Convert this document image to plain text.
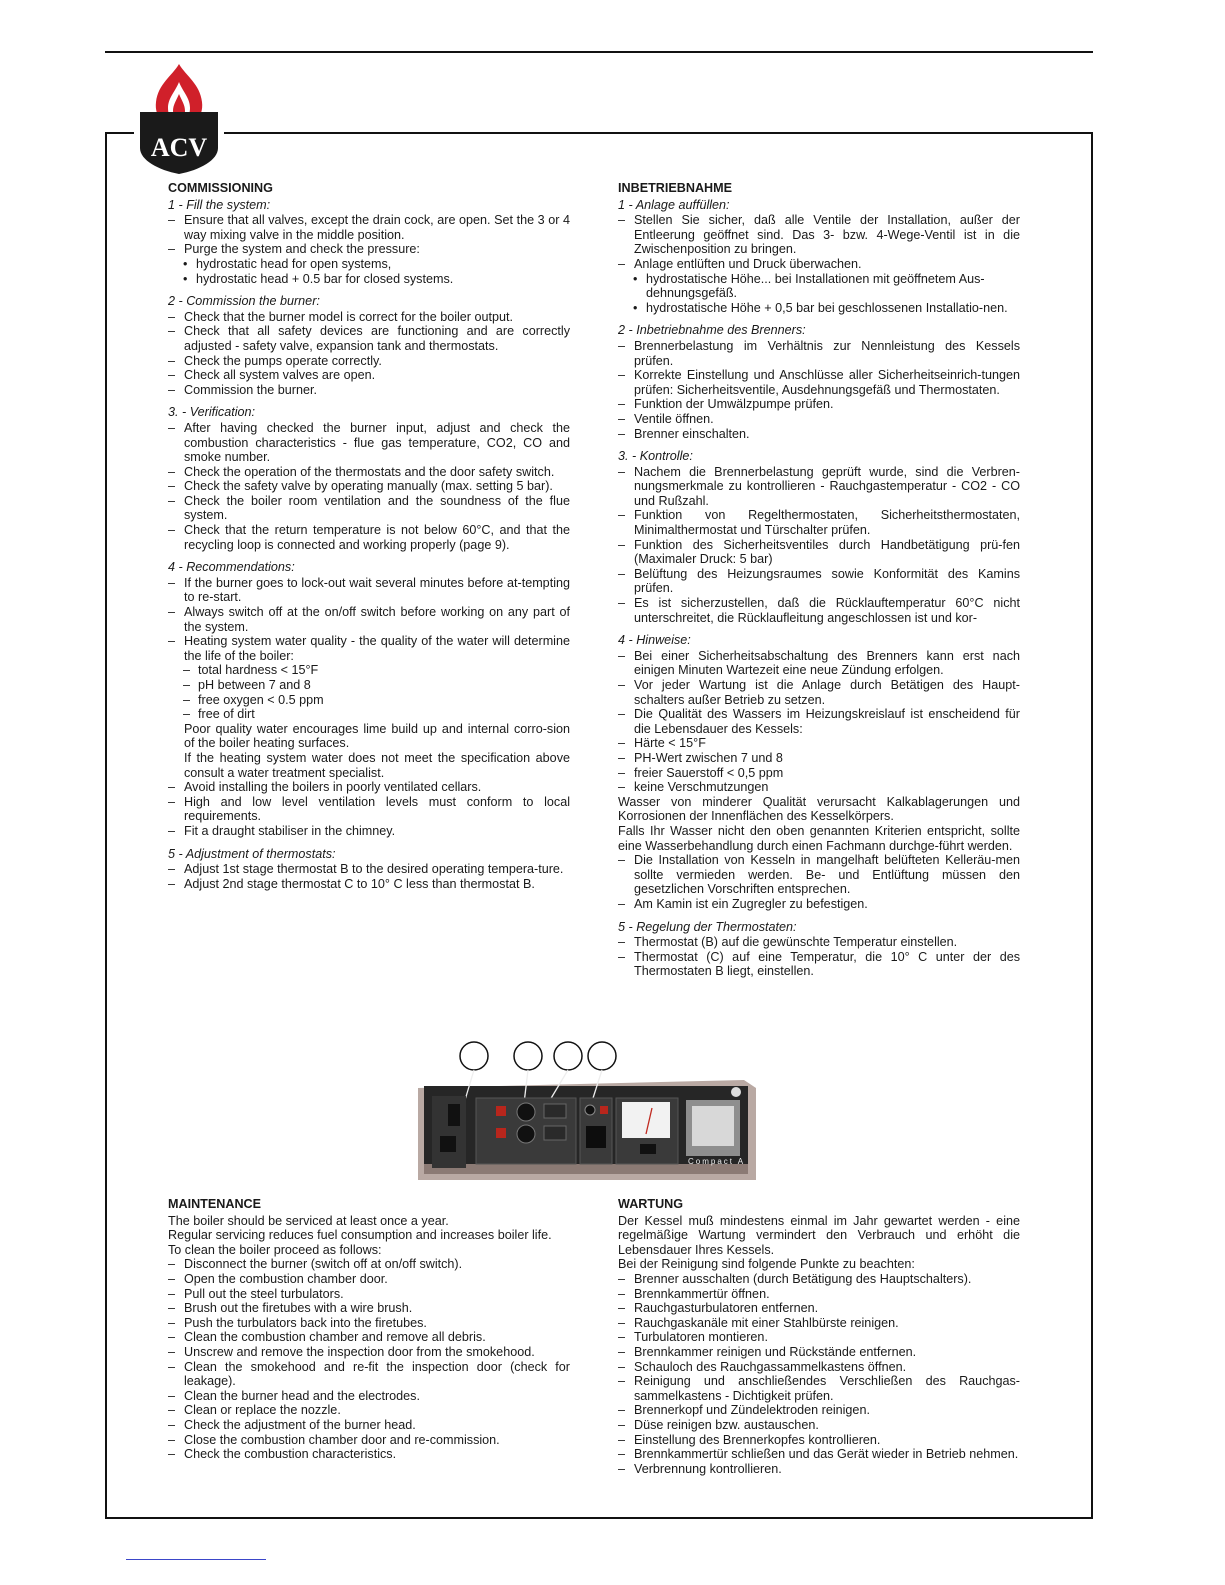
ACV
COMMISSIONING
1 - Fill the system:
– Ensure that all valves, except the drain cock, are open. Set the 3 or 4 way mixing valve in the middle position.
– Purge the system and check the pressure:
• hydrostatic head for open systems,
• hydrostatic head + 0.5 bar for closed systems.
2 - Commission the burner:
– Check that the burner model is correct for the boiler output.
– Check that all safety devices are functioning and are correctly adjusted - safety valve, expansion tank and thermostats.
– Check the pumps operate correctly.
– Check all system valves are open.
– Commission the burner.
3. - Verification:
– After having checked the burner input, adjust and check the combustion characteristics - flue gas temperature, CO2, CO and smoke number.
– Check the operation of the thermostats and the door safety switch.
– Check the safety valve by operating manually (max. setting 5 bar).
– Check the boiler room ventilation and the soundness of the flue system.
– Check that the return temperature is not below 60°C, and that the recycling loop is connected and working properly (page 9).
4 - Recommendations:
– If the burner goes to lock-out wait several minutes before at-tempting to re-start.
– Always switch off at the on/off switch before working on any part of the system.
– Heating system water quality - the quality of the water will determine the life of the boiler:
– total hardness < 15°F
– pH between 7 and 8
– free oxygen < 0.5 ppm
– free of dirt
Poor quality water encourages lime build up and internal corro-sion of the boiler heating surfaces.
If the heating system water does not meet the specification above consult a water treatment specialist.
– Avoid installing the boilers in poorly ventilated cellars.
– High and low level ventilation levels must conform to local requirements.
– Fit a draught stabiliser in the chimney.
5 - Adjustment of thermostats:
– Adjust 1st stage thermostat B to the desired operating tempera-ture.
– Adjust 2nd stage thermostat C to 10° C less than thermostat B.
INBETRIEBNAHME
1 - Anlage auffüllen:
– Stellen Sie sicher, daß alle Ventile der Installation, außer der Entleerung geöffnet sind. Das 3- bzw. 4-Wege-Ventil ist in die Zwischenposition zu bringen.
– Anlage entlüften und Druck überwachen.
• hydrostatische Höhe... bei Installationen mit geöffnetem Aus-dehnungsgefäß.
• hydrostatische Höhe + 0,5 bar bei geschlossenen Installatio-nen.
2 - Inbetriebnahme des Brenners:
– Brennerbelastung im Verhältnis zur Nennleistung des Kessels prüfen.
– Korrekte Einstellung und Anschlüsse aller Sicherheitseinrich-tungen prüfen: Sicherheitsventile, Ausdehnungsgefäß und Thermostaten.
– Funktion der Umwälzpumpe prüfen.
– Ventile öffnen.
– Brenner einschalten.
3. - Kontrolle:
– Nachem die Brennerbelastung geprüft wurde, sind die Verbren-nungsmerkmale zu kontrollieren - Rauchgastemperatur - CO2 - CO und Rußzahl.
– Funktion von Regelthermostaten, Sicherheitsthermostaten, Minimalthermostat und Türschalter prüfen.
– Funktion des Sicherheitsventiles durch Handbetätigung prü-fen (Maximaler Druck: 5 bar)
– Belüftung des Heizungsraumes sowie Konformität des Kamins prüfen.
– Es ist sicherzustellen, daß die Rücklauftemperatur 60°C nicht unterschreitet, die Rücklaufleitung angeschlossen ist und kor-
4 - Hinweise:
– Bei einer Sicherheitsabschaltung des Brenners kann erst nach einigen Minuten Wartezeit eine neue Zündung erfolgen.
– Vor jeder Wartung ist die Anlage durch Betätigen des Haupt-schalters außer Betrieb zu setzen.
– Die Qualität des Wassers im Heizungskreislauf ist enscheidend für die Lebensdauer des Kessels:
– Härte < 15°F
– PH-Wert zwischen 7 und 8
– freier Sauerstoff < 0,5 ppm
– keine Verschmutzungen
Wasser von minderer Qualität verursacht Kalkablagerungen und Korrosionen der Innenflächen des Kesselkörpers.
Falls Ihr Wasser nicht den oben genannten Kriterien entspricht, sollte eine Wasserbehandlung durch einen Fachmann durchge-führt werden.
– Die Installation von Kesseln in mangelhaft belüfteten Kelleräu-men sollte vermieden werden. Be- und Entlüftung müssen den gesetzlichen Vorschriften entsprechen.
– Am Kamin ist ein Zugregler zu befestigen.
5 - Regelung der Thermostaten:
– Thermostat (B) auf die gewünschte Temperatur einstellen.
– Thermostat (C) auf eine Temperatur, die 10° C unter der des Thermostaten B liegt, einstellen.
Compact A
MAINTENANCE
The boiler should be serviced at least once a year.
Regular servicing reduces fuel consumption and increases boiler life.
To clean the boiler proceed as follows:
– Disconnect the burner (switch off at on/off switch).
– Open the combustion chamber door.
– Pull out the steel turbulators.
– Brush out the firetubes with a wire brush.
– Push the turbulators back into the firetubes.
– Clean the combustion chamber and remove all debris.
– Unscrew and remove the inspection door from the smokehood.
– Clean the smokehood and re-fit the inspection door (check for leakage).
– Clean the burner head and the electrodes.
– Clean or replace the nozzle.
– Check the adjustment of the burner head.
– Close the combustion chamber door and re-commission.
– Check the combustion characteristics.
WARTUNG
Der Kessel muß mindestens einmal im Jahr gewartet werden - eine regelmäßige Wartung vermindert den Verbrauch und erhöht die Lebensdauer Ihres Kessels.
Bei der Reinigung sind folgende Punkte zu beachten:
– Brenner ausschalten (durch Betätigung des Hauptschalters).
– Brennkammertür öffnen.
– Rauchgasturbulatoren entfernen.
– Rauchgaskanäle mit einer Stahlbürste reinigen.
– Turbulatoren montieren.
– Brennkammer reinigen und Rückstände entfernen.
– Schauloch des Rauchgassammelkastens öffnen.
– Reinigung und anschließendes Verschließen des Rauchgas-sammelkastens - Dichtigkeit prüfen.
– Brennerkopf und Zündelektroden reinigen.
– Düse reinigen bzw. austauschen.
– Einstellung des Brennerkopfes kontrollieren.
– Brennkammertür schließen und das Gerät wieder in Betrieb nehmen.
– Verbrennung kontrollieren.
